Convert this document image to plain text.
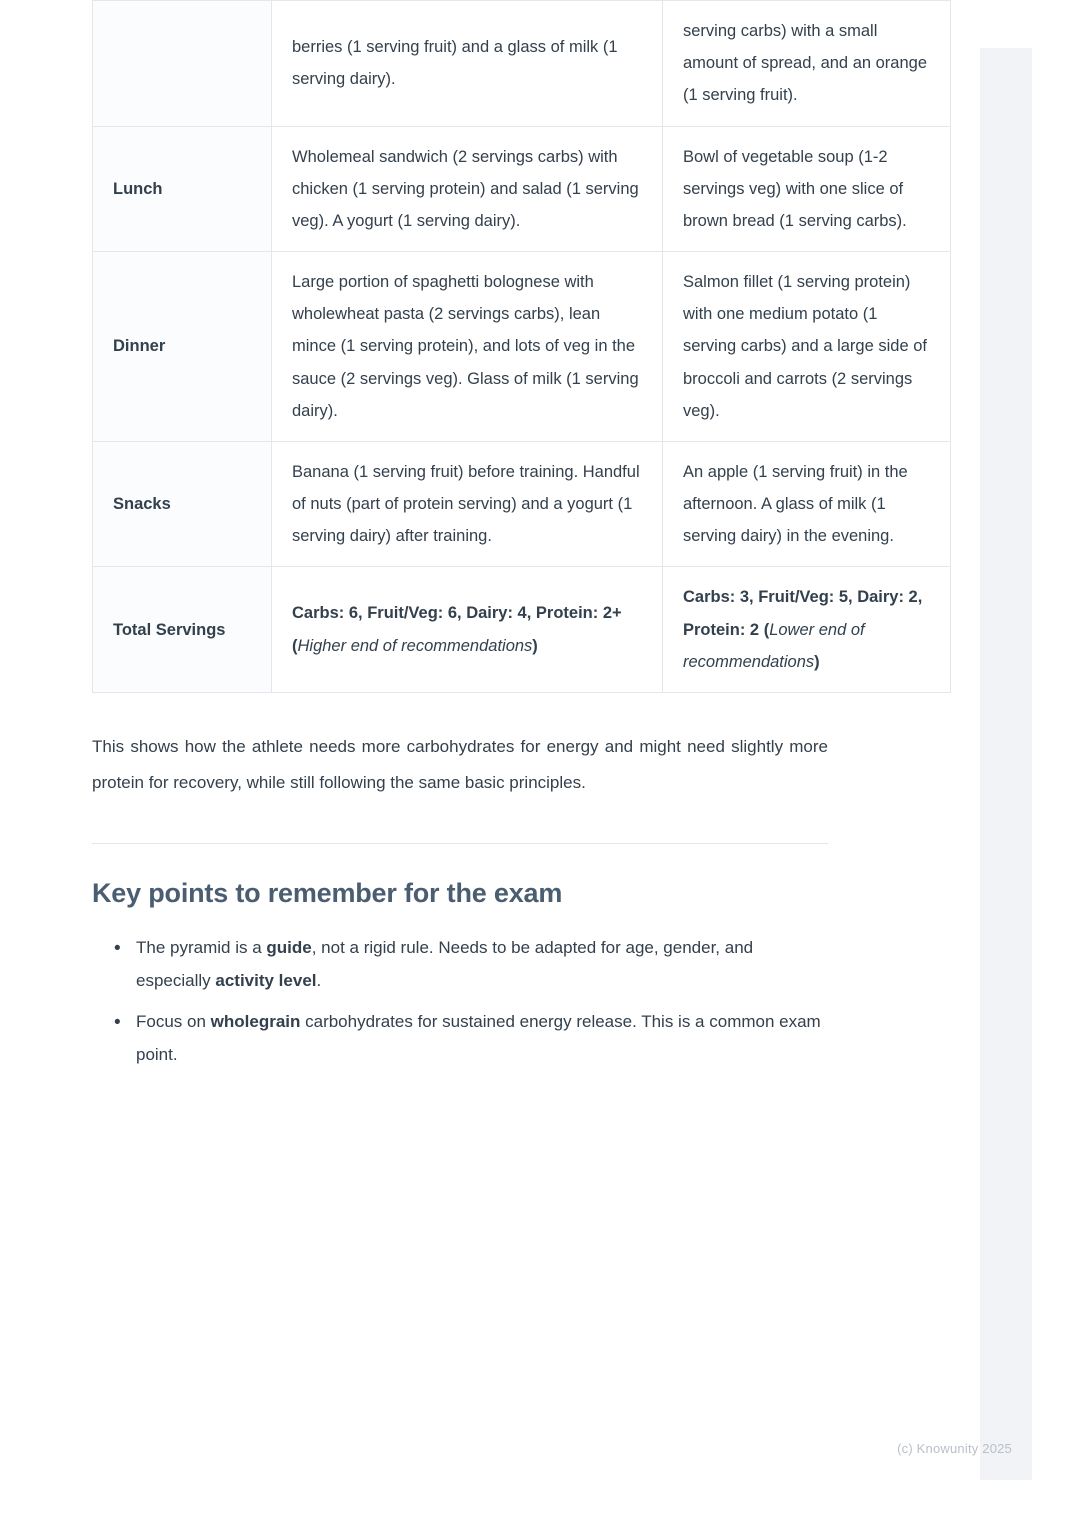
	berries (1 serving fruit) and a glass of milk (1 serving dairy).	serving carbs) with a small amount of spread, and an orange (1 serving fruit).
Lunch	Wholemeal sandwich (2 servings carbs) with chicken (1 serving protein) and salad (1 serving veg). A yogurt (1 serving dairy).	Bowl of vegetable soup (1-2 servings veg) with one slice of brown bread (1 serving carbs).
Dinner	Large portion of spaghetti bolognese with wholewheat pasta (2 servings carbs), lean mince (1 serving protein), and lots of veg in the sauce (2 servings veg). Glass of milk (1 serving dairy).	Salmon fillet (1 serving protein) with one medium potato (1 serving carbs) and a large side of broccoli and carrots (2 servings veg).
Snacks	Banana (1 serving fruit) before training. Handful of nuts (part of protein serving) and a yogurt (1 serving dairy) after training.	An apple (1 serving fruit) in the afternoon. A glass of milk (1 serving dairy) in the evening.
Total Servings	Carbs: 6, Fruit/Veg: 6, Dairy: 4, Protein: 2+ (Higher end of recommendations)	Carbs: 3, Fruit/Veg: 5, Dairy: 2, Protein: 2 (Lower end of recommendations)

This shows how the athlete needs more carbohydrates for energy and might need slightly more protein for recovery, while still following the same basic principles.

Key points to remember for the exam
• The pyramid is a guide, not a rigid rule. Needs to be adapted for age, gender, and especially activity level.
• Focus on wholegrain carbohydrates for sustained energy release. This is a common exam point.
(c) Knowunity 2025
